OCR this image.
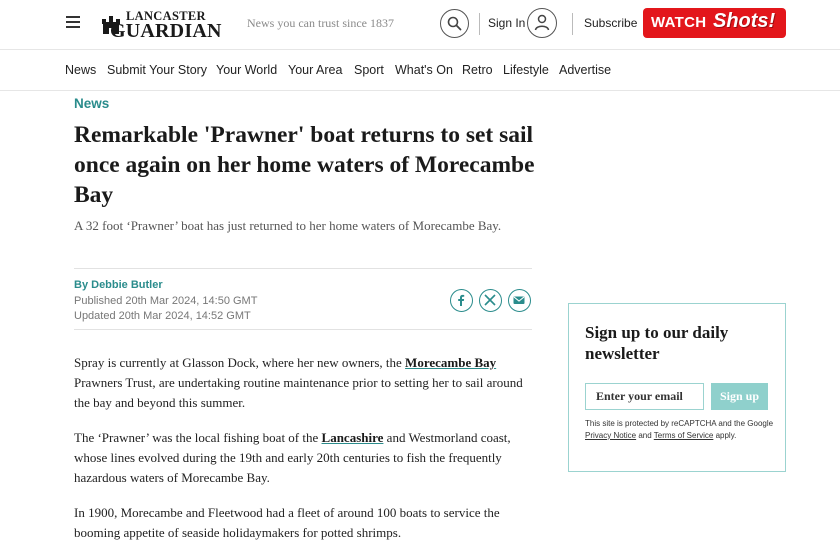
LANCASTER
GUARDIAN News you can trust since 1837	Sign In	Subscribe WATCH Shots!
News Submit Your Story Your World Your Area Sport What's On Retro Lifestyle Advertise
News
Remarkable 'Prawner' boat returns to set sail once again on her home waters of Morecambe Bay

A 32 foot ‘Prawner’ boat has just returned to her home waters of Morecambe Bay.

By Debbie Butler
Published 20th Mar 2024, 14:50 GMT
Updated 20th Mar 2024, 14:52 GMT

Spray is currently at Glasson Dock, where her new owners, the Morecambe Bay Prawners Trust, are undertaking routine maintenance prior to setting her to sail around the bay and beyond this summer.

The ‘Prawner’ was the local fishing boat of the Lancashire and Westmorland coast, whose lines evolved during the 19th and early 20th centuries to fish the frequently hazardous waters of Morecambe Bay.

In 1900, Morecambe and Fleetwood had a fleet of around 100 boats to service the booming appetite of seaside holidaymakers for potted shrimps.

Sign up to our daily newsletter
Enter your email
Sign up

This site is protected by reCAPTCHA and the Google Privacy Notice and Terms of Service apply.
